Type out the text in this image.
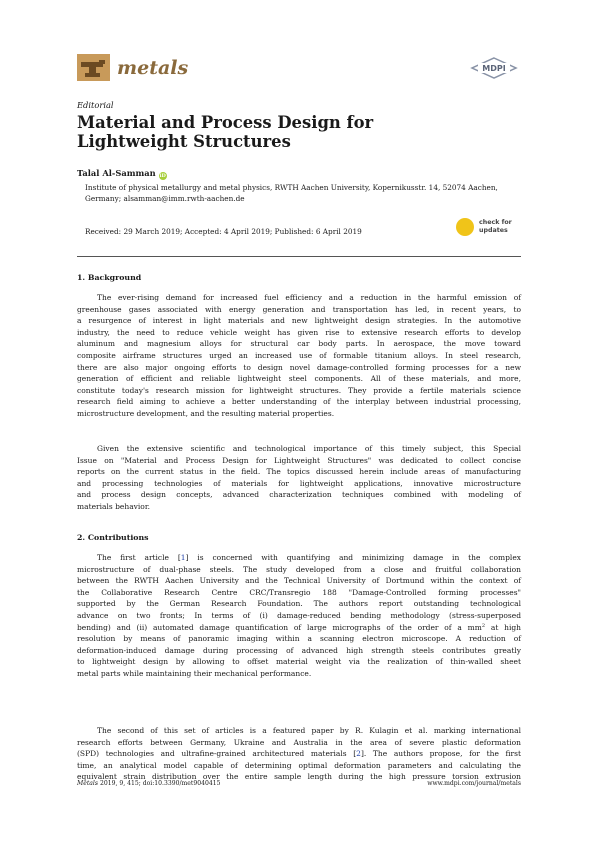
metals	MDPI
Editorial
Material and Process Design for
Lightweight Structures
Talal Al-Samman iD
Institute of physical metallurgy and metal physics, RWTH Aachen University, Kopernikusstr. 14, 52074 Aachen,
Germany; alsamman@imm.rwth-aachen.de
Received: 29 March 2019; Accepted: 4 April 2019; Published: 6 April 2019
check for
updates
1. Background
The ever-rising demand for increased fuel efficiency and a reduction in the harmful emission of
greenhouse gases associated with energy generation and transportation has led, in recent years, to
a resurgence of interest in light materials and new lightweight design strategies. In the automotive
industry, the need to reduce vehicle weight has given rise to extensive research efforts to develop
aluminum and magnesium alloys for structural car body parts. In aerospace, the move toward
composite airframe structures urged an increased use of formable titanium alloys. In steel research,
there are also major ongoing efforts to design novel damage-controlled forming processes for a new
generation of efficient and reliable lightweight steel components. All of these materials, and more,
constitute today's research mission for lightweight structures. They provide a fertile materials science
research field aiming to achieve a better understanding of the interplay between industrial processing,
microstructure development, and the resulting material properties.
Given the extensive scientific and technological importance of this timely subject, this Special
Issue on "Material and Process Design for Lightweight Structures" was dedicated to collect concise
reports on the current status in the field. The topics discussed herein include areas of manufacturing
and processing technologies of materials for lightweight applications, innovative microstructure
and process design concepts, advanced characterization techniques combined with modeling of
materials behavior.
2. Contributions
The first article [1] is concerned with quantifying and minimizing damage in the complex
microstructure of dual-phase steels. The study developed from a close and fruitful collaboration
between the RWTH Aachen University and the Technical University of Dortmund within the context of
the Collaborative Research Centre CRC/Transregio 188 "Damage-Controlled forming processes"
supported by the German Research Foundation. The authors report outstanding technological
advance on two fronts; In terms of (i) damage-reduced bending methodology (stress-superposed
bending) and (ii) automated damage quantification of large micrographs of the order of a $mm^2$ at high
resolution by means of panoramic imaging within a scanning electron microscope. A reduction of
deformation-induced damage during processing of advanced high strength steels contributes greatly
to lightweight design by allowing to offset material weight via the realization of thin-walled sheet
metal parts while maintaining their mechanical performance.
The second of this set of articles is a featured paper by R. Kulagin et al. marking international
research efforts between Germany, Ukraine and Australia in the area of severe plastic deformation
(SPD) technologies and ultrafine-grained architectured materials [2]. The authors propose, for the first
time, an analytical model capable of determining optimal deformation parameters and calculating the
equivalent strain distribution over the entire sample length during the high pressure torsion extrusion
Metals 2019, 9, 415; doi:10.3390/met9040415	www.mdpi.com/journal/metals
